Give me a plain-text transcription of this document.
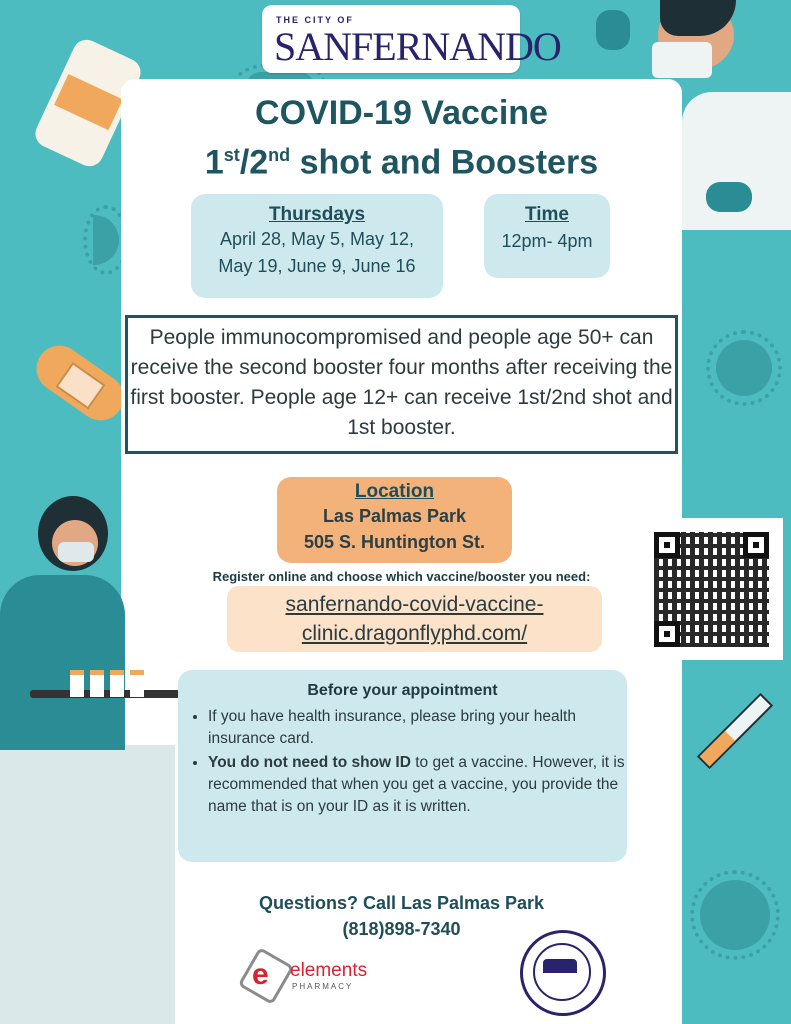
THE CITY OF
SANFERNANDO
COVID-19 Vaccine
1st/2nd shot and Boosters
Thursdays
April 28, May 5, May 12,
May 19, June 9, June 16
Time
12pm- 4pm
People immunocompromised and people age 50+ can receive the second booster four months after receiving the first booster. People age 12+ can receive 1st/2nd shot and 1st booster.
Location
Las Palmas Park
505 S. Huntington St.
Register online and choose which vaccine/booster you need:
sanfernando-covid-vaccine-
clinic.dragonflyphd.com/
Before your appointment
• If you have health insurance, please bring your health insurance card.
• You do not need to show ID to get a vaccine. However, it is recommended that when you get a vaccine, you provide the name that is on your ID as it is written.
Questions? Call Las Palmas Park
(818)898-7340
e elements
PHARMACY
